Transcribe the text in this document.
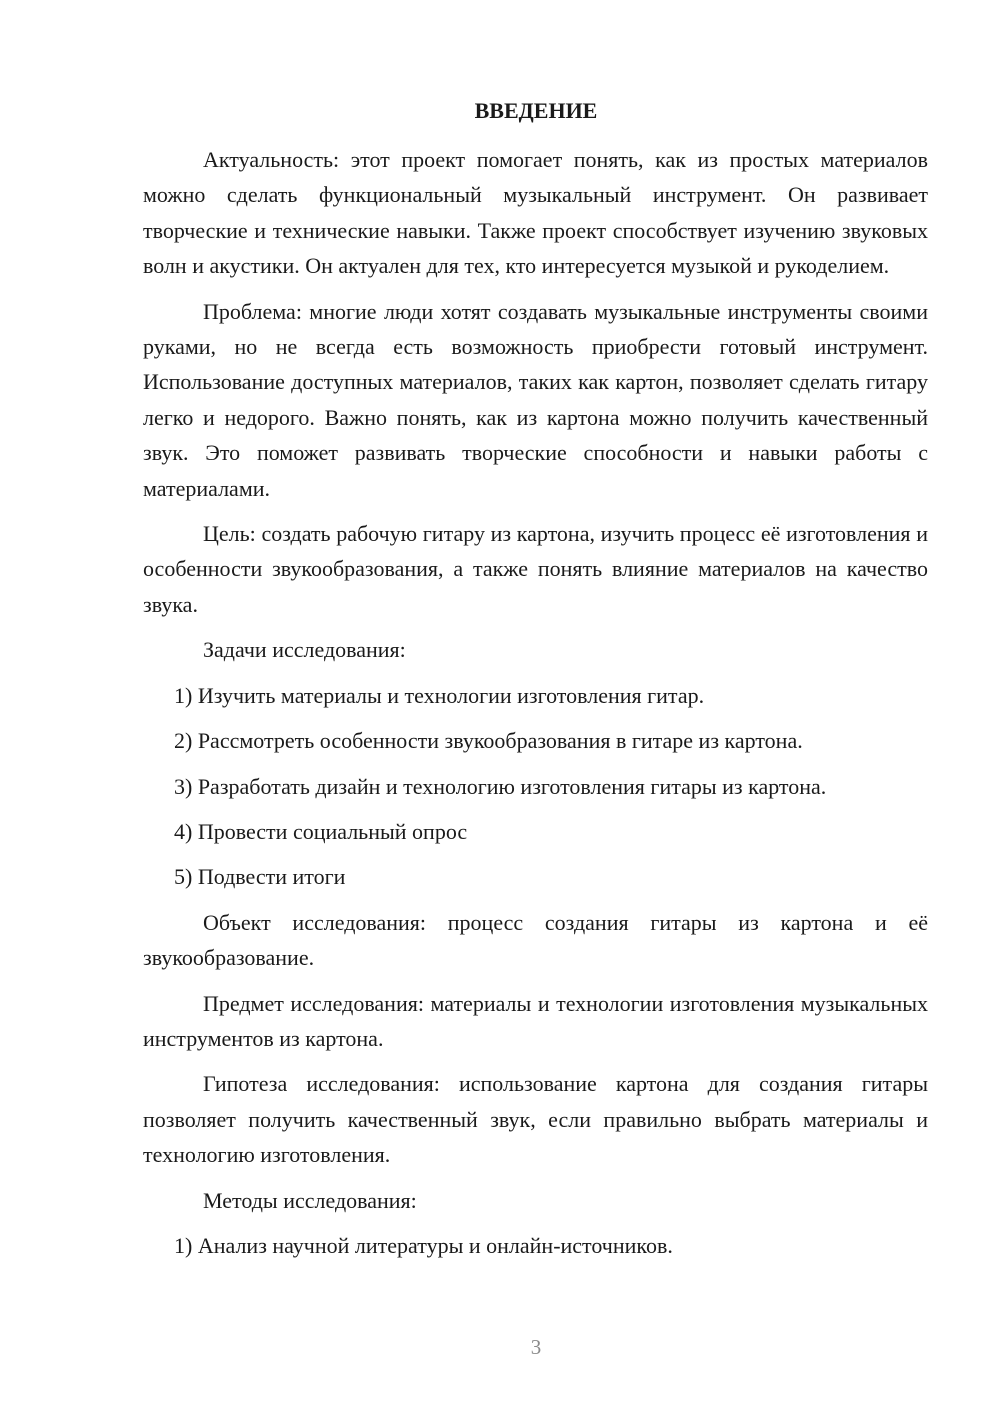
ВВЕДЕНИЕ

Актуальность: этот проект помогает понять, как из простых материалов можно сделать функциональный музыкальный инструмент. Он развивает творческие и технические навыки. Также проект способствует изучению звуковых волн и акустики. Он актуален для тех, кто интересуется музыкой и рукоделием.

Проблема: многие люди хотят создавать музыкальные инструменты своими руками, но не всегда есть возможность приобрести готовый инструмент. Использование доступных материалов, таких как картон, позволяет сделать гитару легко и недорого. Важно понять, как из картона можно получить качественный звук. Это поможет развивать творческие способности и навыки работы с материалами.

Цель: создать рабочую гитару из картона, изучить процесс её изготовления и особенности звукообразования, а также понять влияние материалов на качество звука.

Задачи исследования:

1) Изучить материалы и технологии изготовления гитар.
2) Рассмотреть особенности звукообразования в гитаре из картона.
3) Разработать дизайн и технологию изготовления гитары из картона.
4) Провести социальный опрос
5) Подвести итоги

Объект исследования: процесс создания гитары из картона и её звукообразование.

Предмет исследования: материалы и технологии изготовления музыкальных инструментов из картона.

Гипотеза исследования: использование картона для создания гитары позволяет получить качественный звук, если правильно выбрать материалы и технологию изготовления.

Методы исследования:

1) Анализ научной литературы и онлайн-источников.
3
